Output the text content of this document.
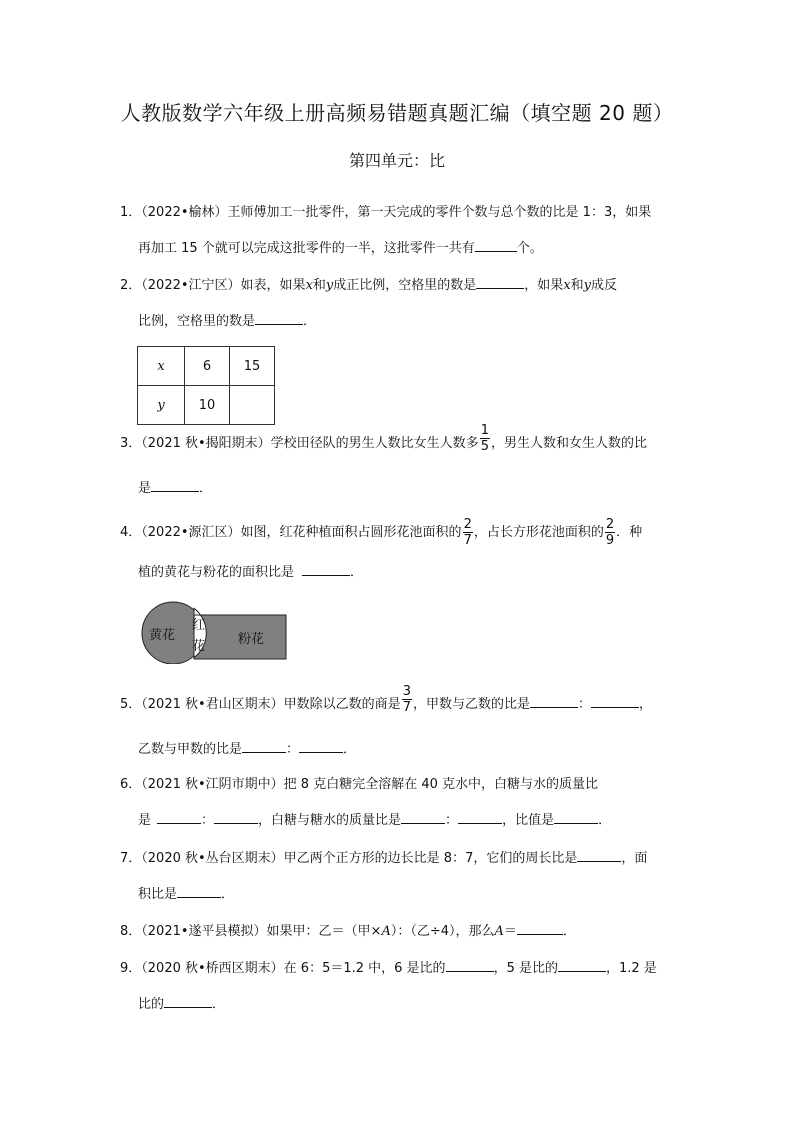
人教版数学六年级上册高频易错题真题汇编（填空题 20 题）
第四单元：比
1．（2022•榆林）王师傅加工一批零件，第一天完成的零件个数与总个数的比是 1：3，如果
再加工 15 个就可以完成这批零件的一半，这批零件一共有	个。
2．（2022•江宁区）如表，如果x和y成正比例，空格里的数是	，如果x和y成反
比例，空格里的数是	．
x	6	15
y	10	
3．（2021 秋•揭阳期末）学校田径队的男生人数比女生人数多 $\frac{1}{5}$ ，男生人数和女生人数的比
是	．
4．（2022•源汇区）如图，红花种植面积占圆形花池面积的 $\frac{2}{7}$ ，占长方形花池面积的 $\frac{2}{9}$ ．种
植的黄花与粉花的面积比是	．
黄花
红
花	粉花
5．（2021 秋•君山区期末）甲数除以乙数的商是 $\frac{3}{7}$ ，甲数与乙数的比是	：	，
乙数与甲数的比是	：	．
6．（2021 秋•江阴市期中）把 8 克白糖完全溶解在 40 克水中，白糖与水的质量比
是	：	，白糖与糖水的质量比是	：	，比值是	．
7．（2020 秋•丛台区期末）甲乙两个正方形的边长比是 8：7，它们的周长比是	，面
积比是	．
8．（2021•遂平县模拟）如果甲：乙＝（甲×A）：（乙÷4），那么A＝	．
9．（2020 秋•桥西区期末）在 6：5＝1.2 中，6 是比的	，5 是比的	，1.2 是
比的	．
